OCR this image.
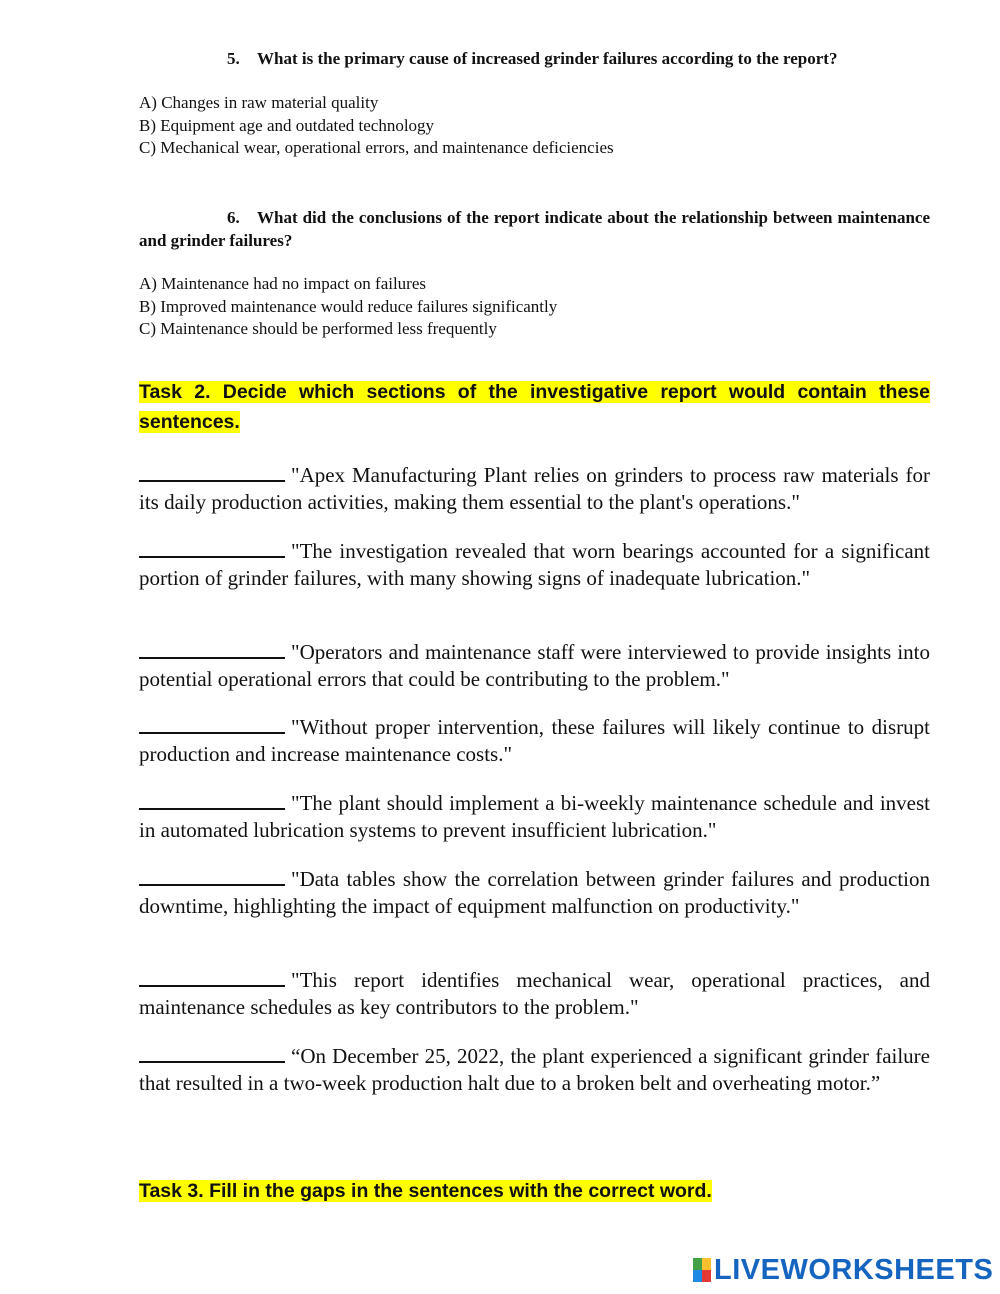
5. What is the primary cause of increased grinder failures according to the report?
A) Changes in raw material quality
B) Equipment age and outdated technology
C) Mechanical wear, operational errors, and maintenance deficiencies
6. What did the conclusions of the report indicate about the relationship between maintenance and grinder failures?
A) Maintenance had no impact on failures
B) Improved maintenance would reduce failures significantly
C) Maintenance should be performed less frequently
Task 2. Decide which sections of the investigative report would contain these sentences.
"Apex Manufacturing Plant relies on grinders to process raw materials for its daily production activities, making them essential to the plant's operations."
"The investigation revealed that worn bearings accounted for a significant portion of grinder failures, with many showing signs of inadequate lubrication."
"Operators and maintenance staff were interviewed to provide insights into potential operational errors that could be contributing to the problem."
"Without proper intervention, these failures will likely continue to disrupt production and increase maintenance costs."
"The plant should implement a bi-weekly maintenance schedule and invest in automated lubrication systems to prevent insufficient lubrication."
"Data tables show the correlation between grinder failures and production downtime, highlighting the impact of equipment malfunction on productivity."
"This report identifies mechanical wear, operational practices, and maintenance schedules as key contributors to the problem."
“On December 25, 2022, the plant experienced a significant grinder failure that resulted in a two-week production halt due to a broken belt and overheating motor.”
Task 3. Fill in the gaps in the sentences with the correct word.
LIVEWORKSHEETS
